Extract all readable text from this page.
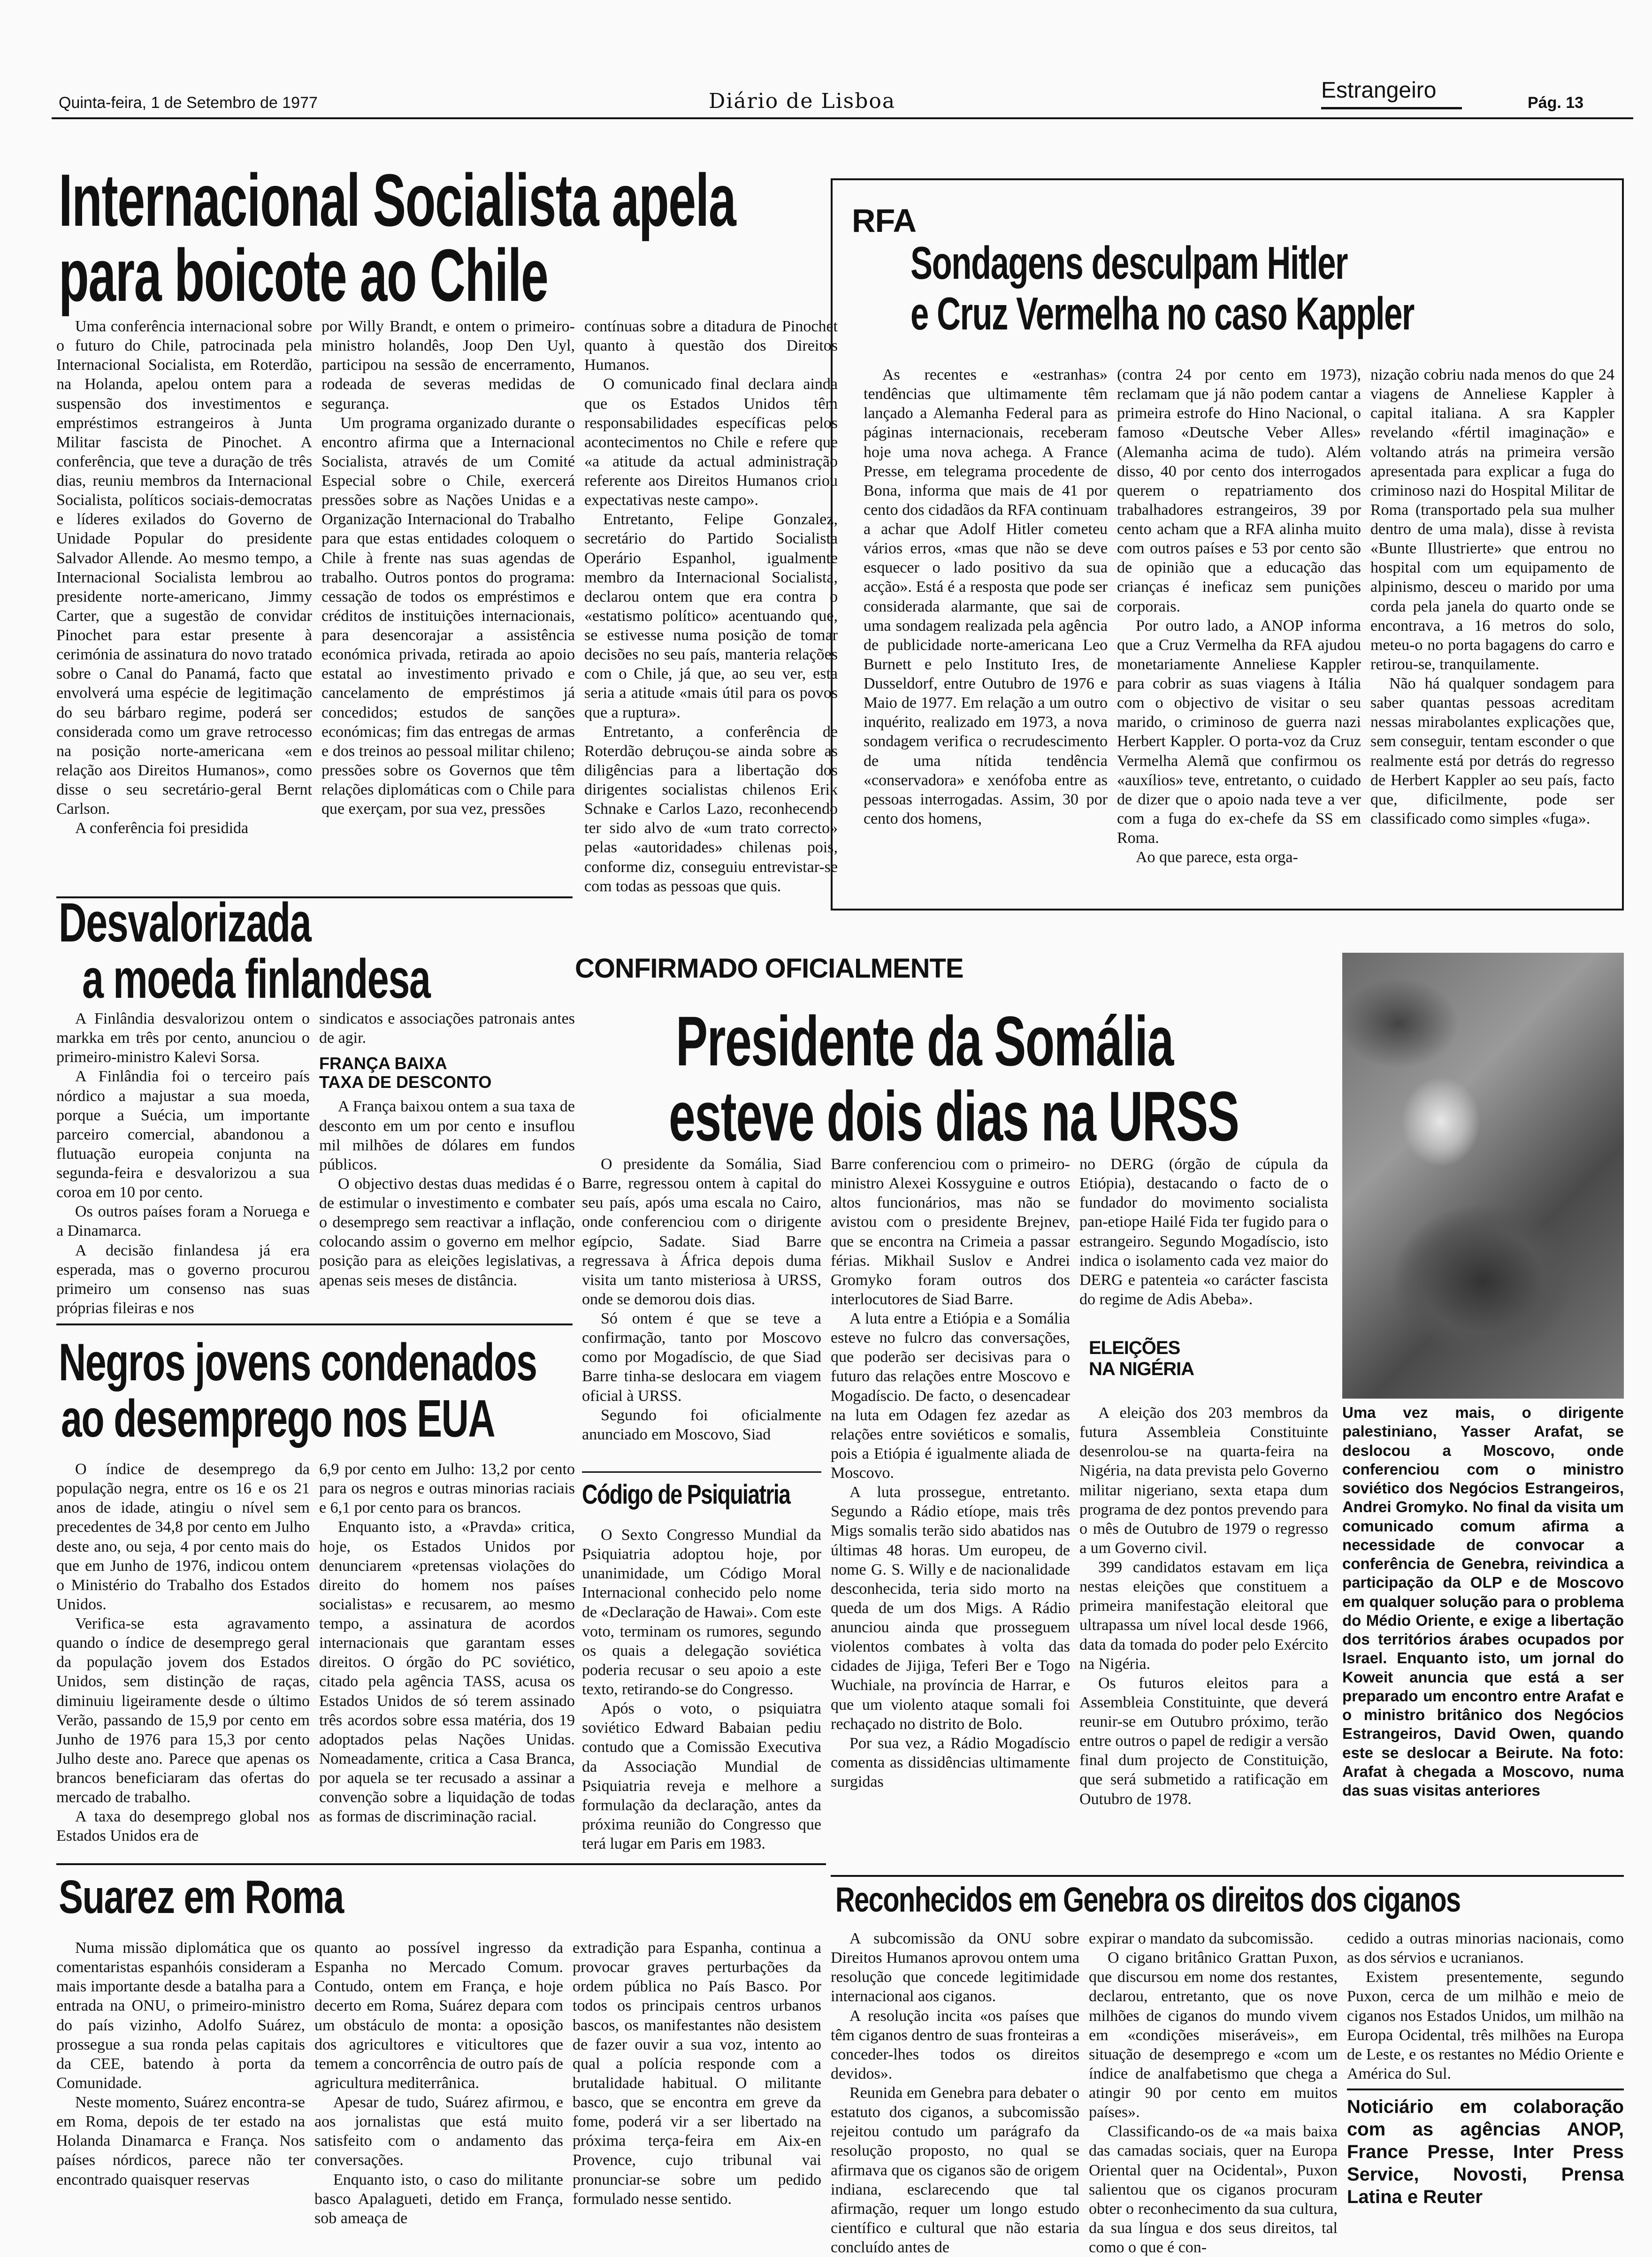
Quinta-feira, 1 de Setembro de 1977	Diário de Lisboa	Estrangeiro	Pág. 13
Internacional Socialista apela
para boicote ao Chile

Uma conferência internacional sobre o futuro do Chile, patrocinada pela Internacional Socialista, em Roterdão, na Holanda, apelou ontem para a suspensão dos investimentos e empréstimos estrangeiros à Junta Militar fascista de Pinochet. A conferência, que teve a duração de três dias, reuniu membros da Internacional Socialista, políticos sociais-democratas e líderes exilados do Governo de Unidade Popular do presidente Salvador Allende. Ao mesmo tempo, a Internacional Socialista lembrou ao presidente norte-americano, Jimmy Carter, que a sugestão de convidar Pinochet para estar presente à cerimónia de assinatura do novo tratado sobre o Canal do Panamá, facto que envolverá uma espécie de legitimação do seu bárbaro regime, poderá ser considerada como um grave retrocesso na posição norte-americana «em relação aos Direitos Humanos», como disse o seu secretário-geral Bernt Carlson.

A conferência foi presidida

por Willy Brandt, e ontem o primeiro-ministro holandês, Joop Den Uyl, participou na sessão de encerramento, rodeada de severas medidas de segurança.

Um programa organizado durante o encontro afirma que a Internacional Socialista, através de um Comité Especial sobre o Chile, exercerá pressões sobre as Nações Unidas e a Organização Internacional do Trabalho para que estas entidades coloquem o Chile à frente nas suas agendas de trabalho. Outros pontos do programa: cessação de todos os empréstimos e créditos de instituições internacionais, para desencorajar a assistência económica privada, retirada ao apoio estatal ao investimento privado e cancelamento de empréstimos já concedidos; estudos de sanções económicas; fim das entregas de armas e dos treinos ao pessoal militar chileno; pressões sobre os Governos que têm relações diplomáticas com o Chile para que exerçam, por sua vez, pressões

contínuas sobre a ditadura de Pinochet quanto à questão dos Direitos Humanos.

O comunicado final declara ainda que os Estados Unidos têm responsabilidades específicas pelos acontecimentos no Chile e refere que «a atitude da actual administração referente aos Direitos Humanos criou expectativas neste campo».

Entretanto, Felipe Gonzalez, secretário do Partido Socialista Operário Espanhol, igualmente membro da Internacional Socialista, declarou ontem que era contra o «estatismo político» acentuando que, se estivesse numa posição de tomar decisões no seu país, manteria relações com o Chile, já que, ao seu ver, esta seria a atitude «mais útil para os povos que a ruptura».

Entretanto, a conferência de Roterdão debruçou-se ainda sobre as diligências para a libertação dos dirigentes socialistas chilenos Erik Schnake e Carlos Lazo, reconhecendo ter sido alvo de «um trato correcto» pelas «autoridades» chilenas pois, conforme diz, conseguiu entrevistar-se com todas as pessoas que quis.

RFA
Sondagens desculpam Hitler
e Cruz Vermelha no caso Kappler

As recentes e «estranhas» tendências que ultimamente têm lançado a Alemanha Federal para as páginas internacionais, receberam hoje uma nova achega. A France Presse, em telegrama procedente de Bona, informa que mais de 41 por cento dos cidadãos da RFA continuam a achar que Adolf Hitler cometeu vários erros, «mas que não se deve esquecer o lado positivo da sua acção». Está é a resposta que pode ser considerada alarmante, que sai de uma sondagem realizada pela agência de publicidade norte-americana Leo Burnett e pelo Instituto Ires, de Dusseldorf, entre Outubro de 1976 e Maio de 1977. Em relação a um outro inquérito, realizado em 1973, a nova sondagem verifica o recrudescimento de uma nítida tendência «conservadora» e xenófoba entre as pessoas interrogadas. Assim, 30 por cento dos homens,

(contra 24 por cento em 1973), reclamam que já não podem cantar a primeira estrofe do Hino Nacional, o famoso «Deutsche Veber Alles» (Alemanha acima de tudo). Além disso, 40 por cento dos interrogados querem o repatriamento dos trabalhadores estrangeiros, 39 por cento acham que a RFA alinha muito com outros países e 53 por cento são de opinião que a educação das crianças é ineficaz sem punições corporais.

Por outro lado, a ANOP informa que a Cruz Vermelha da RFA ajudou monetariamente Anneliese Kappler para cobrir as suas viagens à Itália com o objectivo de visitar o seu marido, o criminoso de guerra nazi Herbert Kappler. O porta-voz da Cruz Vermelha Alemã que confirmou os «auxílios» teve, entretanto, o cuidado de dizer que o apoio nada teve a ver com a fuga do ex-chefe da SS em Roma.

Ao que parece, esta orga-

nização cobriu nada menos do que 24 viagens de Anneliese Kappler à capital italiana. A sra Kappler revelando «fértil imaginação» e voltando atrás na primeira versão apresentada para explicar a fuga do criminoso nazi do Hospital Militar de Roma (transportado pela sua mulher dentro de uma mala), disse à revista «Bunte Illustrierte» que entrou no hospital com um equipamento de alpinismo, desceu o marido por uma corda pela janela do quarto onde se encontrava, a 16 metros do solo, meteu-o no porta bagagens do carro e retirou-se, tranquilamente.

Não há qualquer sondagem para saber quantas pessoas acreditam nessas mirabolantes explicações que, sem conseguir, tentam esconder o que realmente está por detrás do regresso de Herbert Kappler ao seu país, facto que, dificilmente, pode ser classificado como simples «fuga».

Desvalorizada
a moeda finlandesa

A Finlândia desvalorizou ontem o markka em três por cento, anunciou o primeiro-ministro Kalevi Sorsa.

A Finlândia foi o terceiro país nórdico a majustar a sua moeda, porque a Suécia, um importante parceiro comercial, abandonou a flutuação europeia conjunta na segunda-feira e desvalorizou a sua coroa em 10 por cento.

Os outros países foram a Noruega e a Dinamarca.

A decisão finlandesa já era esperada, mas o governo procurou primeiro um consenso nas suas próprias fileiras e nos

sindicatos e associações patronais antes de agir.

FRANÇA BAIXA
TAXA DE DESCONTO

A França baixou ontem a sua taxa de desconto em um por cento e insuflou mil milhões de dólares em fundos públicos.

O objectivo destas duas medidas é o de estimular o investimento e combater o desemprego sem reactivar a inflação, colocando assim o governo em melhor posição para as eleições legislativas, a apenas seis meses de distância.

Negros jovens condenados
ao desemprego nos EUA

O índice de desemprego da população negra, entre os 16 e os 21 anos de idade, atingiu o nível sem precedentes de 34,8 por cento em Julho deste ano, ou seja, 4 por cento mais do que em Junho de 1976, indicou ontem o Ministério do Trabalho dos Estados Unidos.

Verifica-se esta agravamento quando o índice de desemprego geral da população jovem dos Estados Unidos, sem distinção de raças, diminuiu ligeiramente desde o último Verão, passando de 15,9 por cento em Junho de 1976 para 15,3 por cento Julho deste ano. Parece que apenas os brancos beneficiaram das ofertas do mercado de trabalho.

A taxa do desemprego global nos Estados Unidos era de

6,9 por cento em Julho: 13,2 por cento para os negros e outras minorias raciais e 6,1 por cento para os brancos.

Enquanto isto, a «Pravda» critica, hoje, os Estados Unidos por denunciarem «pretensas violações do direito do homem nos países socialistas» e recusarem, ao mesmo tempo, a assinatura de acordos internacionais que garantam esses direitos. O órgão do PC soviético, citado pela agência TASS, acusa os Estados Unidos de só terem assinado três acordos sobre essa matéria, dos 19 adoptados pelas Nações Unidas. Nomeadamente, critica a Casa Branca, por aquela se ter recusado a assinar a convenção sobre a liquidação de todas as formas de discriminação racial.

CONFIRMADO OFICIALMENTE
Presidente da Somália
esteve dois dias na URSS

O presidente da Somália, Siad Barre, regressou ontem à capital do seu país, após uma escala no Cairo, onde conferenciou com o dirigente egípcio, Sadate. Siad Barre regressava à África depois duma visita um tanto misteriosa à URSS, onde se demorou dois dias.

Só ontem é que se teve a confirmação, tanto por Moscovo como por Mogadíscio, de que Siad Barre tinha-se deslocara em viagem oficial à URSS.

Segundo foi oficialmente anunciado em Moscovo, Siad

Barre conferenciou com o primeiro-ministro Alexei Kossyguine e outros altos funcionários, mas não se avistou com o presidente Brejnev, que se encontra na Crimeia a passar férias. Mikhail Suslov e Andrei Gromyko foram outros dos interlocutores de Siad Barre.

A luta entre a Etiópia e a Somália esteve no fulcro das conversações, que poderão ser decisivas para o futuro das relações entre Moscovo e Mogadíscio. De facto, o desencadear na luta em Odagen fez azedar as relações entre soviéticos e somalis, pois a Etiópia é igualmente aliada de Moscovo.

A luta prossegue, entretanto. Segundo a Rádio etíope, mais três Migs somalis terão sido abatidos nas últimas 48 horas. Um europeu, de nome G. S. Willy e de nacionalidade desconhecida, teria sido morto na queda de um dos Migs. A Rádio anunciou ainda que prosseguem violentos combates à volta das cidades de Jijiga, Teferi Ber e Togo Wuchiale, na província de Harrar, e que um violento ataque somali foi rechaçado no distrito de Bolo.

Por sua vez, a Rádio Mogadíscio comenta as dissidências ultimamente surgidas

no DERG (órgão de cúpula da Etiópia), destacando o facto de o fundador do movimento socialista pan-etiope Hailé Fida ter fugido para o estrangeiro. Segundo Mogadíscio, isto indica o isolamento cada vez maior do DERG e patenteia «o carácter fascista do regime de Adis Abeba».

Código de Psiquiatria

O Sexto Congresso Mundial da Psiquiatria adoptou hoje, por unanimidade, um Código Moral Internacional conhecido pelo nome de «Declaração de Hawai». Com este voto, terminam os rumores, segundo os quais a delegação soviética poderia recusar o seu apoio a este texto, retirando-se do Congresso.

Após o voto, o psiquiatra soviético Edward Babaian pediu contudo que a Comissão Executiva da Associação Mundial de Psiquiatria reveja e melhore a formulação da declaração, antes da próxima reunião do Congresso que terá lugar em Paris em 1983.

ELEIÇÕES
NA NIGÉRIA

A eleição dos 203 membros da futura Assembleia Constituinte desenrolou-se na quarta-feira na Nigéria, na data prevista pelo Governo militar nigeriano, sexta etapa dum programa de dez pontos prevendo para o mês de Outubro de 1979 o regresso a um Governo civil.

399 candidatos estavam em liça nestas eleições que constituem a primeira manifestação eleitoral que ultrapassa um nível local desde 1966, data da tomada do poder pelo Exército na Nigéria.

Os futuros eleitos para a Assembleia Constituinte, que deverá reunir-se em Outubro próximo, terão entre outros o papel de redigir a versão final dum projecto de Constituição, que será submetido a ratificação em Outubro de 1978.

Uma vez mais, o dirigente palestiniano, Yasser Arafat, se deslocou a Moscovo, onde conferenciou com o ministro soviético dos Negócios Estrangeiros, Andrei Gromyko. No final da visita um comunicado comum afirma a necessidade de convocar a conferência de Genebra, reivindica a participação da OLP e de Moscovo em qualquer solução para o problema do Médio Oriente, e exige a libertação dos territórios árabes ocupados por Israel. Enquanto isto, um jornal do Koweit anuncia que está a ser preparado um encontro entre Arafat e o ministro britânico dos Negócios Estrangeiros, David Owen, quando este se deslocar a Beirute. Na foto: Arafat à chegada a Moscovo, numa das suas visitas anteriores
Suarez em Roma

Numa missão diplomática que os comentaristas espanhóis consideram a mais importante desde a batalha para a entrada na ONU, o primeiro-ministro do país vizinho, Adolfo Suárez, prossegue a sua ronda pelas capitais da CEE, batendo à porta da Comunidade.

Neste momento, Suárez encontra-se em Roma, depois de ter estado na Holanda Dinamarca e França. Nos países nórdicos, parece não ter encontrado quaisquer reservas

quanto ao possível ingresso da Espanha no Mercado Comum. Contudo, ontem em França, e hoje decerto em Roma, Suárez depara com um obstáculo de monta: a oposição dos agricultores e viticultores que temem a concorrência de outro país de agricultura mediterrânica.

Apesar de tudo, Suárez afirmou, e aos jornalistas que está muito satisfeito com o andamento das conversações.

Enquanto isto, o caso do militante basco Apalagueti, detido em França, sob ameaça de

extradição para Espanha, continua a provocar graves perturbações da ordem pública no País Basco. Por todos os principais centros urbanos bascos, os manifestantes não desistem de fazer ouvir a sua voz, intento ao qual a polícia responde com a brutalidade habitual. O militante basco, que se encontra em greve da fome, poderá vir a ser libertado na próxima terça-feira em Aix-en Provence, cujo tribunal vai pronunciar-se sobre um pedido formulado nesse sentido.

Reconhecidos em Genebra os direitos dos ciganos

A subcomissão da ONU sobre Direitos Humanos aprovou ontem uma resolução que concede legitimidade internacional aos ciganos.

A resolução incita «os países que têm ciganos dentro de suas fronteiras a conceder-lhes todos os direitos devidos».

Reunida em Genebra para debater o estatuto dos ciganos, a subcomissão rejeitou contudo um parágrafo da resolução proposto, no qual se afirmava que os ciganos são de origem indiana, esclarecendo que tal afirmação, requer um longo estudo científico e cultural que não estaria concluído antes de

expirar o mandato da subcomissão.

O cigano britânico Grattan Puxon, que discursou em nome dos restantes, declarou, entretanto, que os nove milhões de ciganos do mundo vivem em «condições miseráveis», em situação de desemprego e «com um índice de analfabetismo que chega a atingir 90 por cento em muitos países».

Classificando-os de «a mais baixa das camadas sociais, quer na Europa Oriental quer na Ocidental», Puxon salientou que os ciganos procuram obter o reconhecimento da sua cultura, da sua língua e dos seus direitos, tal como o que é con-

cedido a outras minorias nacionais, como as dos sérvios e ucranianos.

Existem presentemente, segundo Puxon, cerca de um milhão e meio de ciganos nos Estados Unidos, um milhão na Europa Ocidental, três milhões na Europa de Leste, e os restantes no Médio Oriente e América do Sul.

Noticiário em colaboração com as agências ANOP, France Presse, Inter Press Service, Novosti, Prensa Latina e Reuter
